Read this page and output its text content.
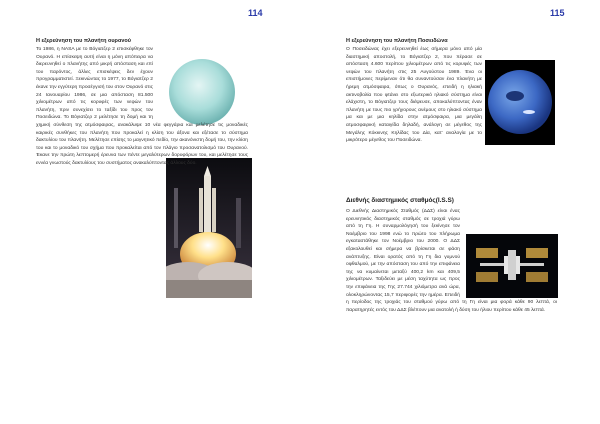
114
Η εξερεύνηση του πλανήτη ουρανού
Το 1986, η NASA με το Βόγιατζερ 2 επισκέφθηκε τον Ουρανό. Η επίσκεψη αυτή είναι η μόνη απόπειρα να διερευνηθεί ο πλανήτης από μικρή απόσταση και επί του παρόντος, άλλες επισκέψεις δεν έχουν προγραμματιστεί. Ξεκινώντας το 1977, το Βόγιατζερ 2 έκανε την εγγύτερη προσέγγισή του στον Ουρανό στις 24 Ιανουαρίου 1986, σε μια απόσταση 81.500 χιλιομέτρων από τις κορυφές των νεφών του πλανήτη, πριν συνεχίσει το ταξίδι του προς τον Ποσειδώνα. Το Βόγιατζερ 2 μελέτησε τη δομή και τη χημική σύνθεση της ατμόσφαιρας, ανακάλυψε 10 νέα φεγγάρια και μελέτησε τις μοναδικές καιρικές συνθήκες του πλανήτη που προκαλεί η κλίση του άξονα και εξέτασε το σύστημα δακτυλίου του πλανήτη. Μελέτησε επίσης το μαγνητικό πεδίο, την ακανόνιστη δομή του, την κλίση του και το μοναδικό του σχήμα που προκαλείται από τον πλάγιο προσανατολισμό του Ουρανού. Έκανε την πρώτη λεπτομερή έρευνα των πέντε μεγαλύτερων δορυφόρων του, και μελέτησε τους εννέα γνωστούς δακτυλίους του συστήματος ανακαλύπτοντας άλλους δύο.
115
Η εξερεύνηση του πλανήτη Ποσειδώνα
Ο Ποσειδώνας έχει εξερευνηθεί έως σήμερα μόνο από μία διαστημική αποστολή, το Βόγιατζερ 2, που πέρασε σε απόσταση 4.600 περίπου χιλιομέτρων από τις κορυφές των νεφών του πλανήτη στις 25 Αυγούστου 1989. Ένα οι επιστήμονες περίμεναν ότι θα συναντούσαν ένα πλανήτη με ήρεμη ατμόσφαιρα, όπως ο Ουρανός, επειδή η ηλιακή ακτινοβολία που φτάνει στο εξωτερικό ηλιακό σύστημα είναι ελάχιστη, το Βόγιατζερ τους διέψευσε, αποκαλύπτοντας έναν πλανήτη με τους πιο γρήγορους ανέμους στο ηλιακό σύστημα μα και με μια κηλίδα στην ατμόσφαιρα, μια μεγάλη ατμοσφαιρική καταιγίδα δηλαδή, ανάλογη σε μέγεθος της Μεγάλης Κόκκινης Κηλίδας του Δία, κατ' αναλογία με το μικρότερο μέγεθος του Ποσειδώνα.
Διεθνής διαστημικός σταθμός(I.S.S)
Ο Διεθνής Διαστημικός Σταθμός (ΔΔΣ) είναι ένας ερευνητικός διαστημικός σταθμός σε τροχιά γύρω από τη Γη. Η συναρμολόγησή του ξεκίνησε τον Νοέμβριο του 1998 ενώ το πρώτο του πλήρωμα εγκαταστάθηκε τον Νοέμβριο του 2000. Ο ΔΔΣ εξακολουθεί και σήμερα να βρίσκεται σε φάση ανάπτυξης. Είναι ορατός από τη Γη δια γυμνού οφθαλμού, με την απόσταση του από την επιφάνεια της να κυμαίνεται μεταξύ 400,2 km και 409,5 χιλιομέτρων. Ταξιδεύει με μέση ταχύτητα ως προς την επιφάνεια της Γης 27.744 χιλιόμετρα ανά ώρα, ολοκληρώνοντας 15,7 περιφορές την ημέρα. Επειδή η περίοδος της τροχιάς του σταθμού γύρω από τη Γη είναι μια φορά κάθε 90 λεπτά, οι παρατηρητές εντός του ΔΔΣ βλέπουν μια ανατολή ή δύση του ήλιου περίπου κάθε 45 λεπτά.
